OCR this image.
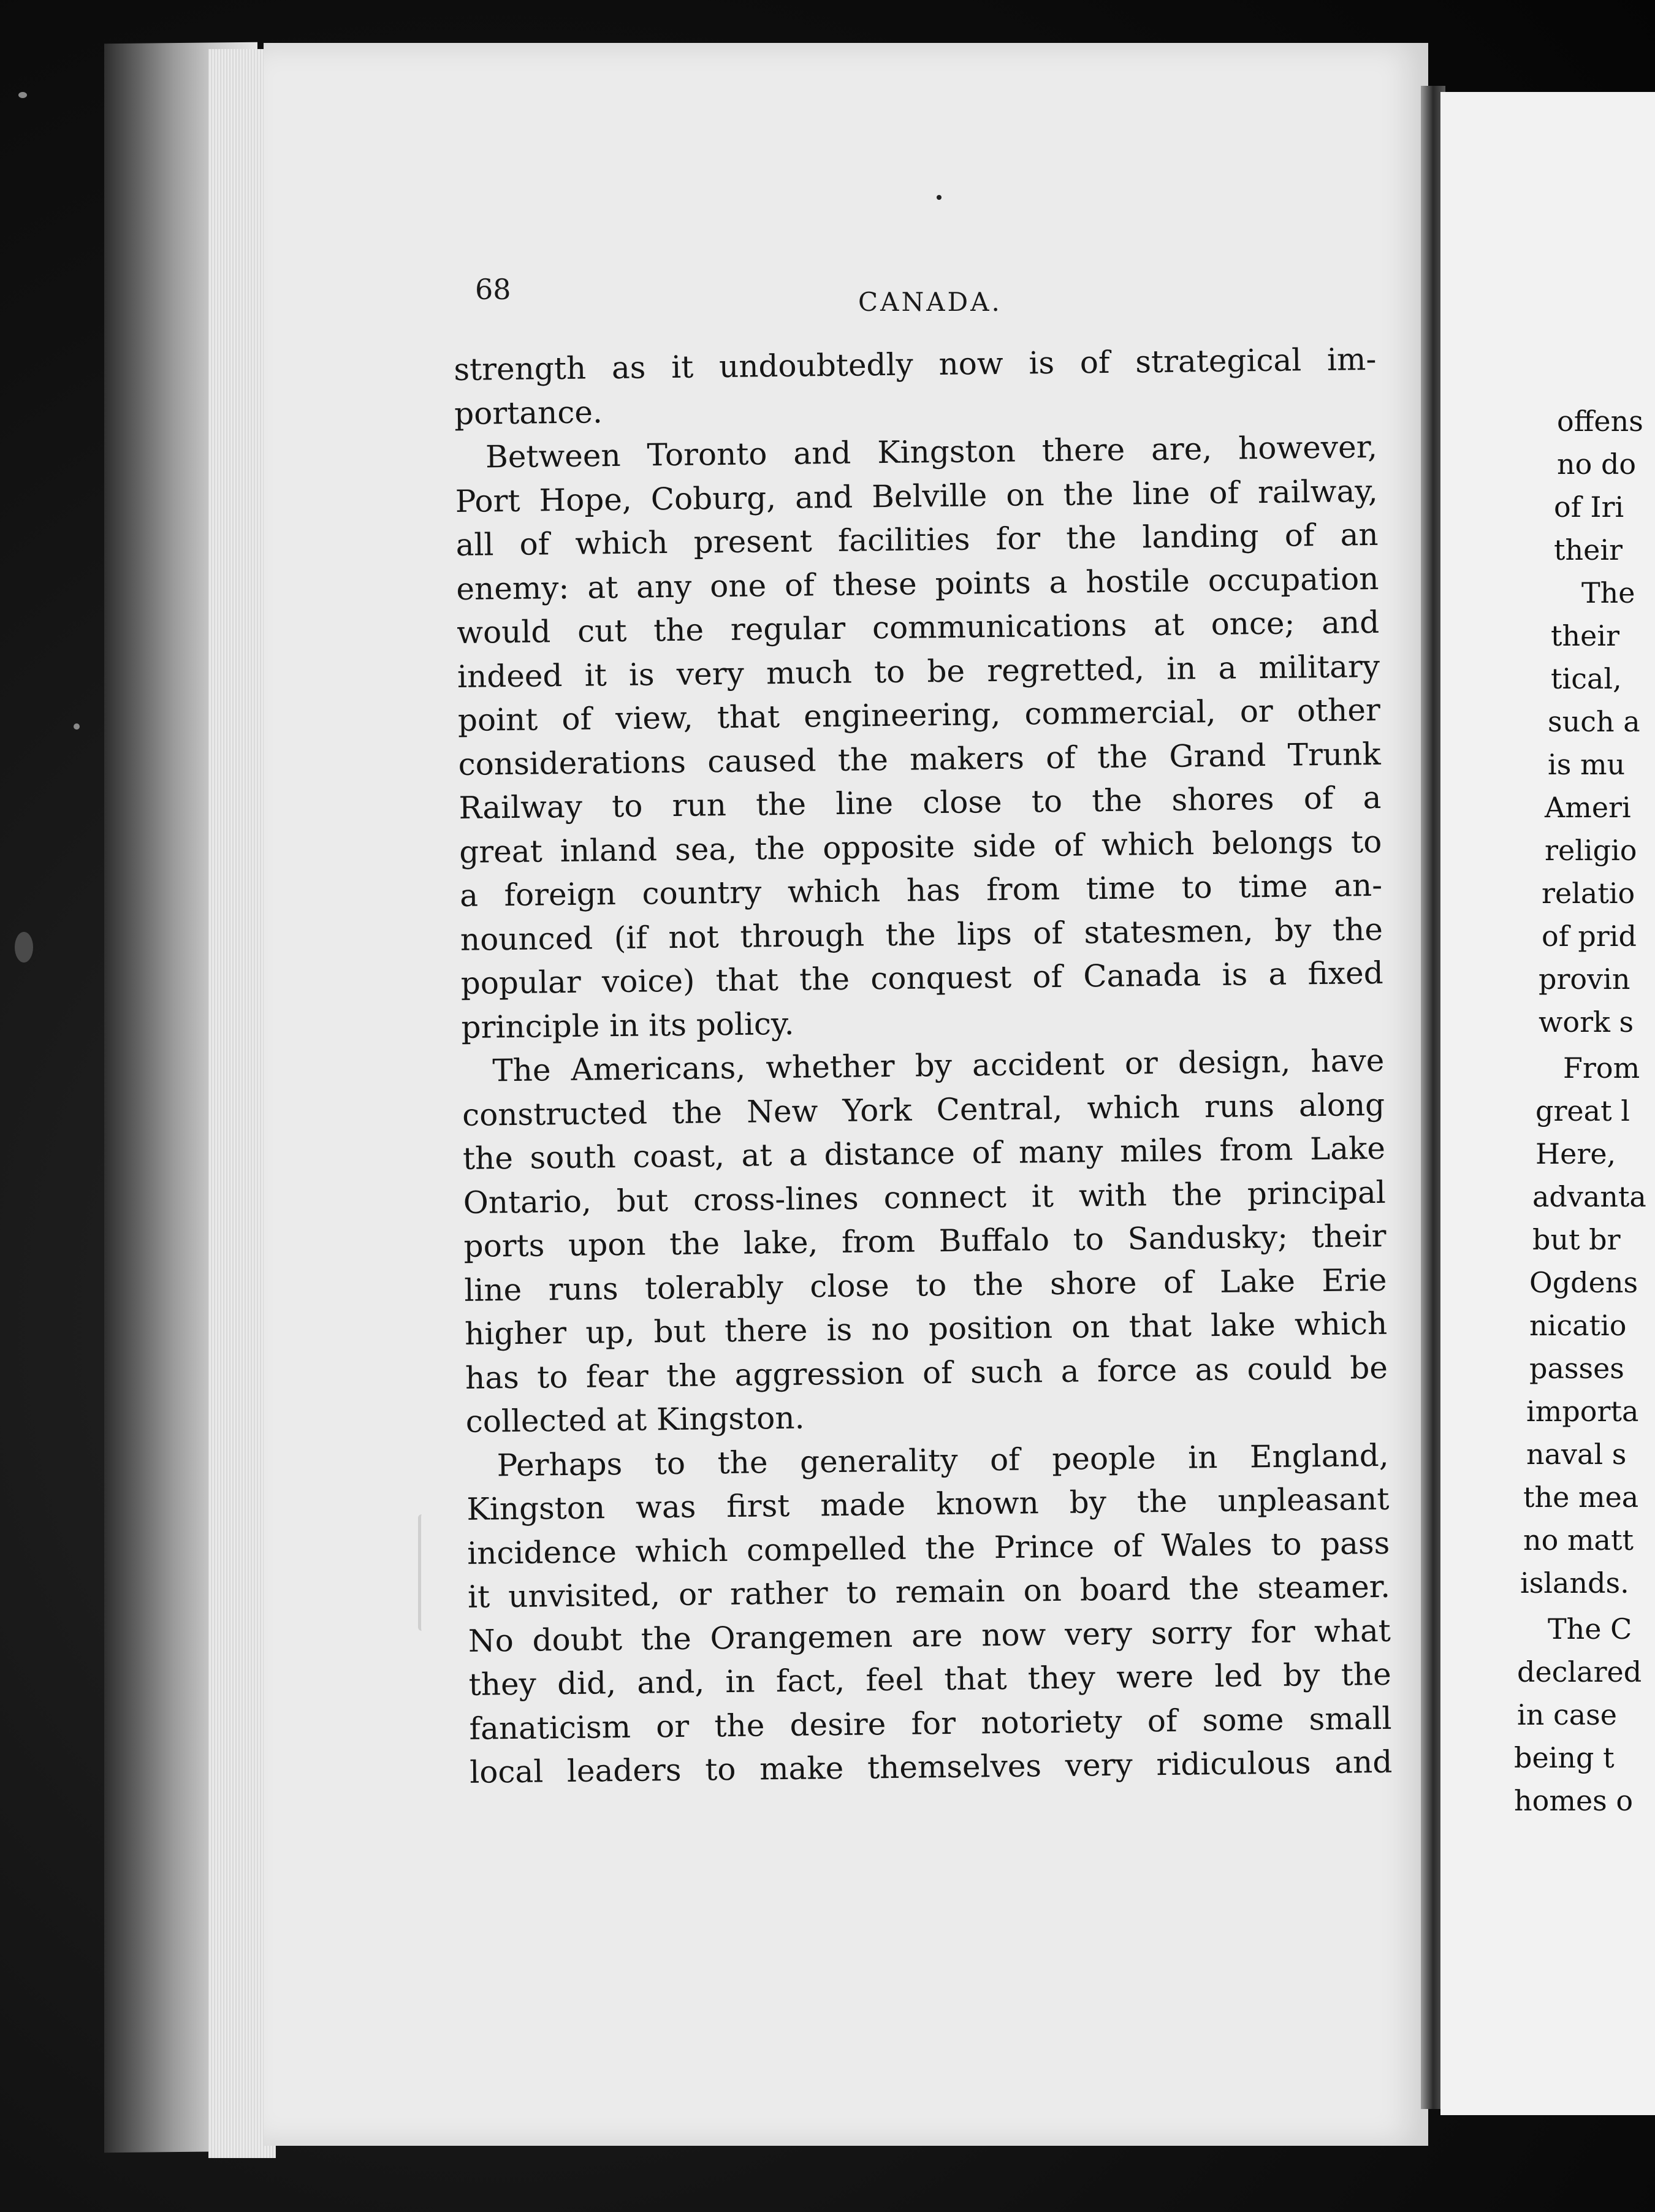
68	CANADA.

strength as it undoubtedly now is of strategical im-

portance.

Between Toronto and Kingston there are, however,

Port Hope, Coburg, and Belville on the line of railway,

all of which present facilities for the landing of an

enemy: at any one of these points a hostile occupation

would cut the regular communications at once; and

indeed it is very much to be regretted, in a military

point of view, that engineering, commercial, or other

considerations caused the makers of the Grand Trunk

Railway to run the line close to the shores of a

great inland sea, the opposite side of which belongs to

a foreign country which has from time to time an-

nounced (if not through the lips of statesmen, by the

popular voice) that the conquest of Canada is a fixed

principle in its policy.

The Americans, whether by accident or design, have

constructed the New York Central, which runs along

the south coast, at a distance of many miles from Lake

Ontario, but cross-lines connect it with the principal

ports upon the lake, from Buffalo to Sandusky; their

line runs tolerably close to the shore of Lake Erie

higher up, but there is no position on that lake which

has to fear the aggression of such a force as could be

collected at Kingston.

Perhaps to the generality of people in England,

Kingston was first made known by the unpleasant

incidence which compelled the Prince of Wales to pass

it unvisited, or rather to remain on board the steamer.

No doubt the Orangemen are now very sorry for what

they did, and, in fact, feel that they were led by the

fanaticism or the desire for notoriety of some small

local leaders to make themselves very ridiculous and

offens

no do

of Iri

their

The

their

tical,

such a

is mu

Ameri

religio

relatio

of prid

provin

work s

From

great l

Here,

advanta

but br

Ogdens

nicatio

passes

importa

naval s

the mea

no matt

islands.

The C

declared

in case

being t

homes o
